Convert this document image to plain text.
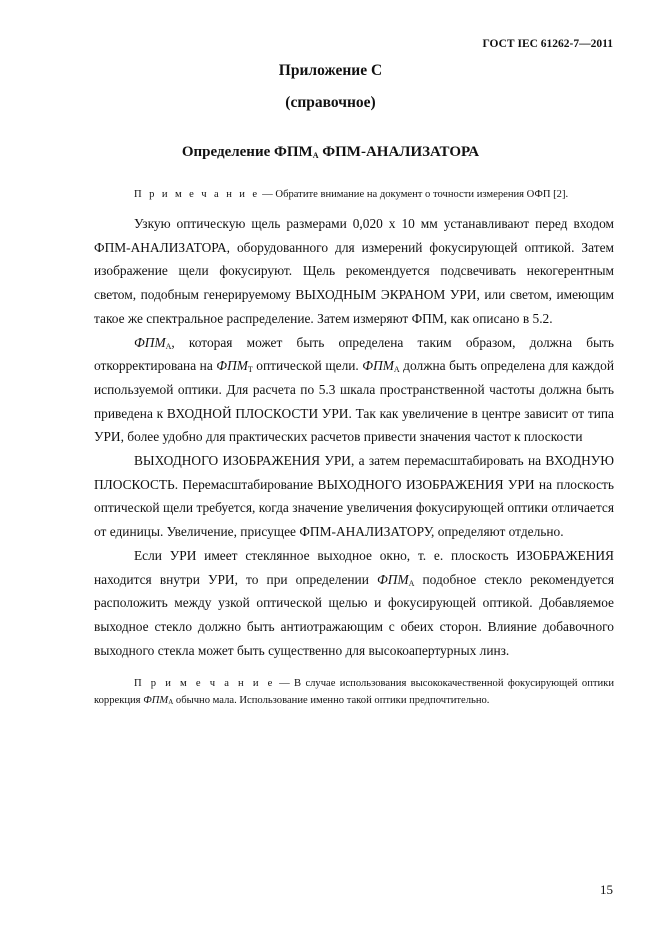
ГОСТ IEC 61262-7—2011
Приложение С
(справочное)
Определение $ФПМ_А$ ФПМ-АНАЛИЗАТОРА
П р и м е ч а н и е — Обратите внимание на документ о точности измерения ОФП [2].

Узкую оптическую щель размерами 0,020 х 10 мм устанавливают перед входом ФПМ-АНАЛИЗАТОРА, оборудованного для измерений фокусирующей оптикой. Затем изображение щели фокусируют. Щель рекомендуется подсвечивать некогерентным светом, подобным генерируемому ВЫХОДНЫМ ЭКРАНОМ УРИ, или светом, имеющим такое же спектральное распределение. Затем измеряют ФПМ, как описано в 5.2.

$ФПМ_А$, которая может быть определена таким образом, должна быть откорректирована на $ФПМ_Т$ оптической щели. $ФПМ_А$ должна быть определена для каждой используемой оптики. Для расчета по 5.3 шкала пространственной частоты должна быть приведена к ВХОДНОЙ ПЛОСКОСТИ УРИ. Так как увеличение в центре зависит от типа УРИ, более удобно для практических расчетов привести значения частот к плоскости

ВЫХОДНОГО ИЗОБРАЖЕНИЯ УРИ, а затем перемасштабировать на ВХОДНУЮ ПЛОСКОСТЬ. Перемасштабирование ВЫХОДНОГО ИЗОБРАЖЕНИЯ УРИ на плоскость оптической щели требуется, когда значение увеличения фокусирующей оптики отличается от единицы. Увеличение, присущее ФПМ-АНАЛИЗАТОРУ, определяют отдельно.

Если УРИ имеет стеклянное выходное окно, т. е. плоскость ИЗОБРАЖЕНИЯ находится внутри УРИ, то при определении $ФПМ_А$ подобное стекло рекомендуется расположить между узкой оптической щелью и фокусирующей оптикой. Добавляемое выходное стекло должно быть антиотражающим с обеих сторон. Влияние добавочного выходного стекла может быть существенно для высокоапертурных линз.

П р и м е ч а н и е — В случае использования высококачественной фокусирующей оптики коррекция $ФПМ_А$ обычно мала. Использование именно такой оптики предпочтительно.
15
